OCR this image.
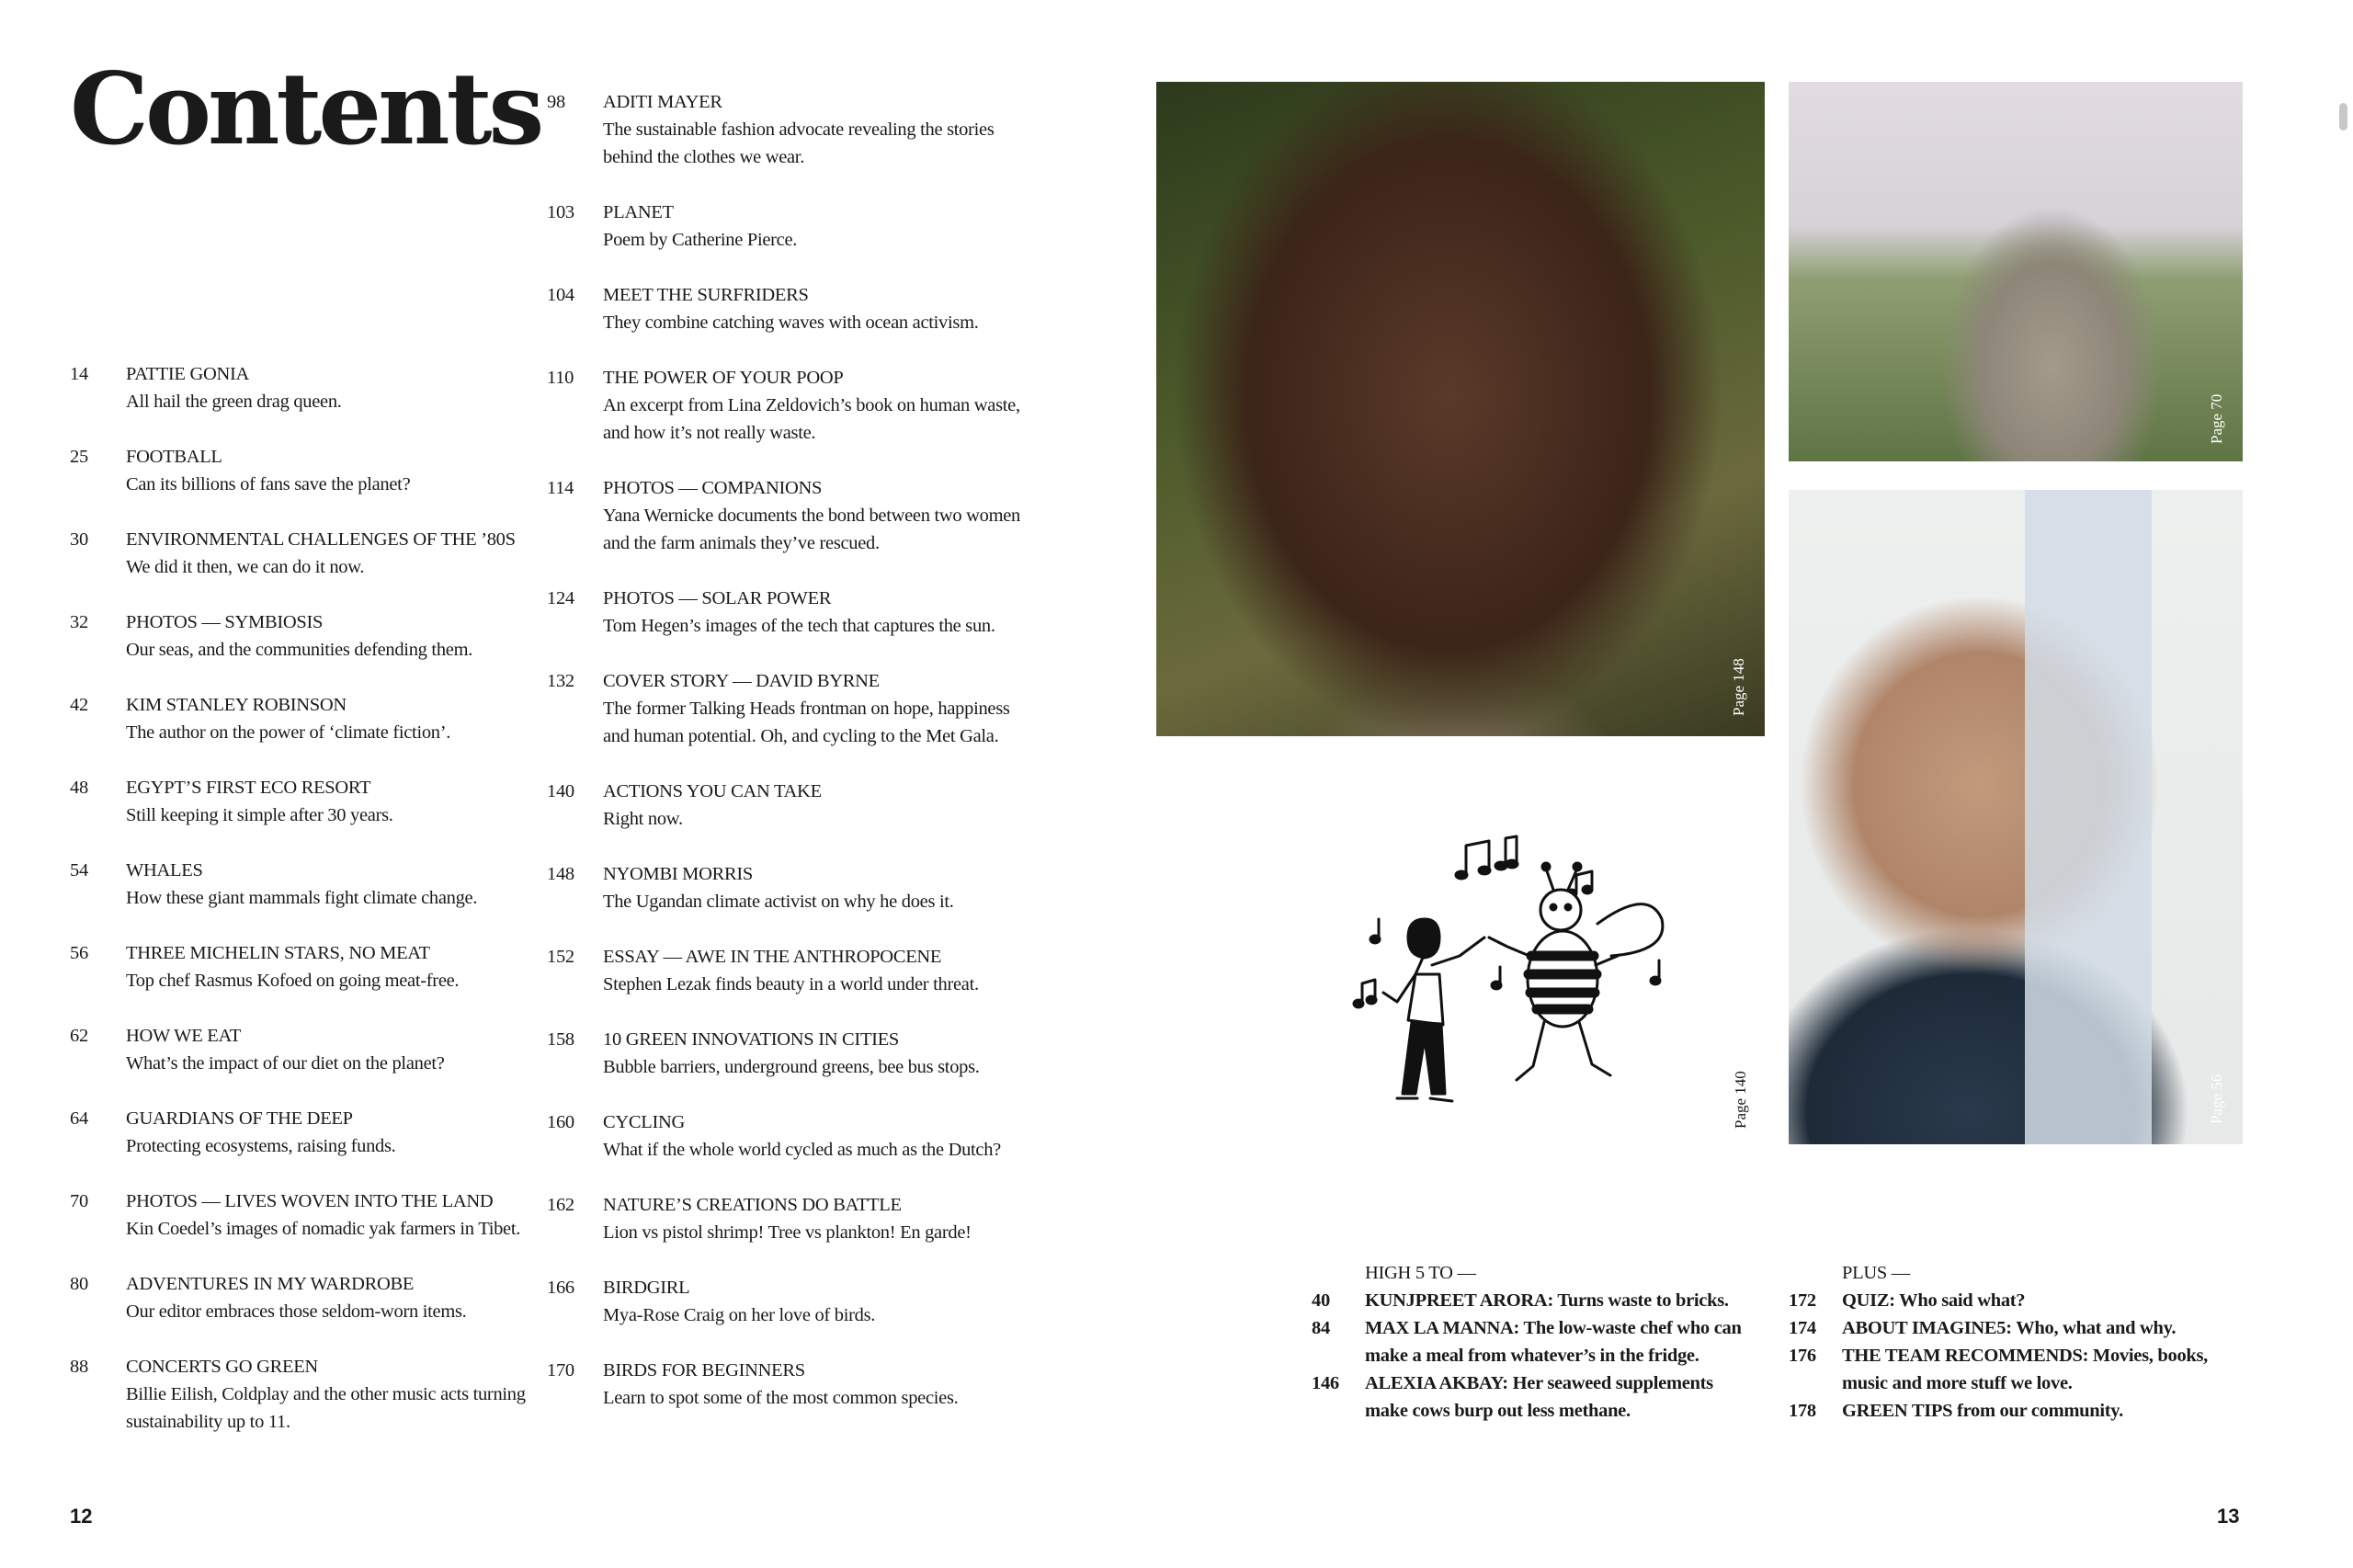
Contents
14	PATTIE GONIA
All hail the green drag queen.
25	FOOTBALL
Can its billions of fans save the planet?
30	ENVIRONMENTAL CHALLENGES OF THE ’80S
We did it then, we can do it now.
32	PHOTOS — SYMBIOSIS
Our seas, and the communities defending them.
42	KIM STANLEY ROBINSON
The author on the power of ‘climate fiction’.
48	EGYPT’S FIRST ECO RESORT
Still keeping it simple after 30 years.
54	WHALES
How these giant mammals fight climate change.
56	THREE MICHELIN STARS, NO MEAT
Top chef Rasmus Kofoed on going meat-free.
62	HOW WE EAT
What’s the impact of our diet on the planet?
64	GUARDIANS OF THE DEEP
Protecting ecosystems, raising funds.
70	PHOTOS — LIVES WOVEN INTO THE LAND
Kin Coedel’s images of nomadic yak farmers in Tibet.
80	ADVENTURES IN MY WARDROBE
Our editor embraces those seldom-worn items.
88	CONCERTS GO GREEN
Billie Eilish, Coldplay and the other music acts turning sustainability up to 11.
98	ADITI MAYER
The sustainable fashion advocate revealing the stories behind the clothes we wear.
103	PLANET
Poem by Catherine Pierce.
104	MEET THE SURFRIDERS
They combine catching waves with ocean activism.
110	THE POWER OF YOUR POOP
An excerpt from Lina Zeldovich’s book on human waste, and how it’s not really waste.
114	PHOTOS — COMPANIONS
Yana Wernicke documents the bond between two women and the farm animals they’ve rescued.
124	PHOTOS — SOLAR POWER
Tom Hegen’s images of the tech that captures the sun.
132	COVER STORY — DAVID BYRNE
The former Talking Heads frontman on hope, happiness and human potential. Oh, and cycling to the Met Gala.
140	ACTIONS YOU CAN TAKE
Right now.
148	NYOMBI MORRIS
The Ugandan climate activist on why he does it.
152	ESSAY — AWE IN THE ANTHROPOCENE
Stephen Lezak finds beauty in a world under threat.
158	10 GREEN INNOVATIONS IN CITIES
Bubble barriers, underground greens, bee bus stops.
160	CYCLING
What if the whole world cycled as much as the Dutch?
162	NATURE’S CREATIONS DO BATTLE
Lion vs pistol shrimp! Tree vs plankton! En garde!
166	BIRDGIRL
Mya-Rose Craig on her love of birds.
170	BIRDS FOR BEGINNERS
Learn to spot some of the most common species.
Page 148
Page 70
Page 56
Page 140
HIGH 5 TO —
40	KUNJPREET ARORA: Turns waste to bricks.
84	MAX LA MANNA: The low-waste chef who can make a meal from whatever’s in the fridge.
146	ALEXIA AKBAY: Her seaweed supplements make cows burp out less methane.
PLUS —
172	QUIZ: Who said what?
174	ABOUT IMAGINE5: Who, what and why.
176	THE TEAM RECOMMENDS: Movies, books, music and more stuff we love.
178	GREEN TIPS from our community.
12	13
